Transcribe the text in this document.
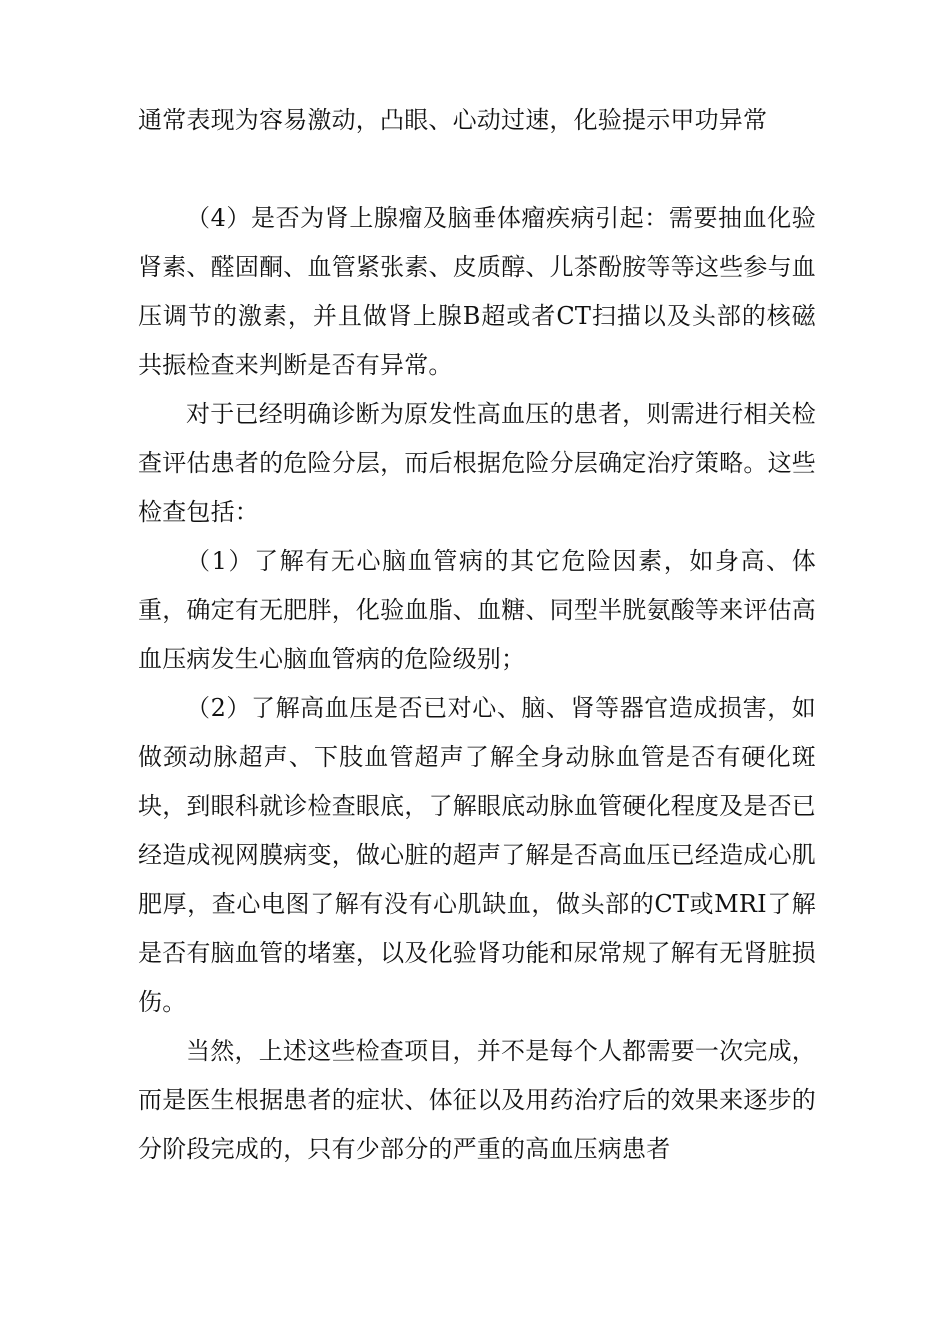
通常表现为容易激动，凸眼、心动过速，化验提示甲功异常

（4）是否为肾上腺瘤及脑垂体瘤疾病引起：需要抽血化验肾素、醛固酮、血管紧张素、皮质醇、儿茶酚胺等等这些参与血压调节的激素，并且做肾上腺B超或者CT扫描以及头部的核磁共振检查来判断是否有异常。

对于已经明确诊断为原发性高血压的患者，则需进行相关检查评估患者的危险分层，而后根据危险分层确定治疗策略。这些检查包括：

（1）了解有无心脑血管病的其它危险因素，如身高、体重，确定有无肥胖，化验血脂、血糖、同型半胱氨酸等来评估高血压病发生心脑血管病的危险级别；

（2）了解高血压是否已对心、脑、肾等器官造成损害，如做颈动脉超声、下肢血管超声了解全身动脉血管是否有硬化斑块，到眼科就诊检查眼底，了解眼底动脉血管硬化程度及是否已经造成视网膜病变，做心脏的超声了解是否高血压已经造成心肌肥厚，查心电图了解有没有心肌缺血，做头部的CT或MRI了解是否有脑血管的堵塞，以及化验肾功能和尿常规了解有无肾脏损伤。

当然，上述这些检查项目，并不是每个人都需要一次完成，而是医生根据患者的症状、体征以及用药治疗后的效果来逐步的分阶段完成的，只有少部分的严重的高血压病患者
